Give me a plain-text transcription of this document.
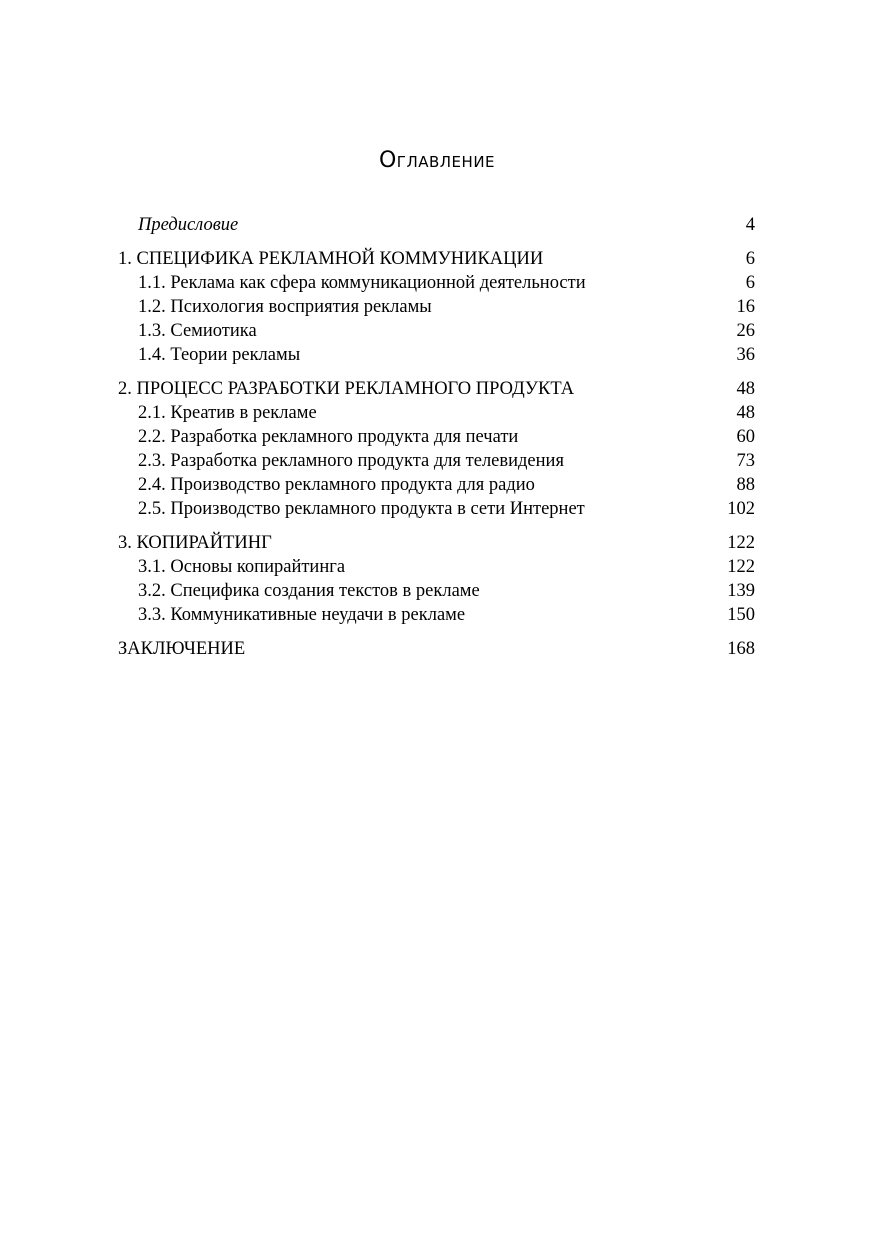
Оглавление
Предисловие	4
1. СПЕЦИФИКА РЕКЛАМНОЙ КОММУНИКАЦИИ	6
1.1. Реклама как сфера коммуникационной деятельности	6
1.2. Психология восприятия рекламы	16
1.3. Семиотика	26
1.4. Теории рекламы	36
2. ПРОЦЕСС РАЗРАБОТКИ РЕКЛАМНОГО ПРОДУКТА	48
2.1. Креатив в рекламе	48
2.2. Разработка рекламного продукта для печати	60
2.3. Разработка рекламного продукта для телевидения	73
2.4. Производство рекламного продукта для радио	88
2.5. Производство рекламного продукта в сети Интернет	102
3. КОПИРАЙТИНГ	122
3.1. Основы копирайтинга	122
3.2. Специфика создания текстов в рекламе	139
3.3. Коммуникативные неудачи в рекламе	150
ЗАКЛЮЧЕНИЕ	168
